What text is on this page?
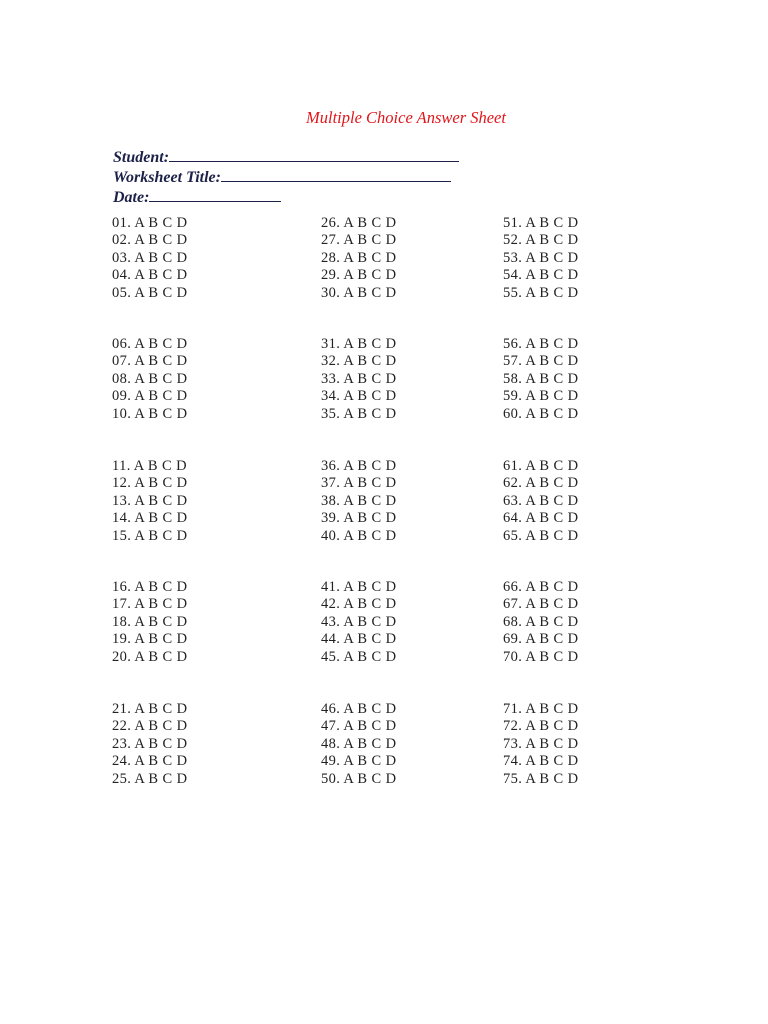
Multiple Choice Answer Sheet
Student:
Worksheet Title:
Date:
01. A B C D
02. A B C D
03. A B C D
04. A B C D
05. A B C D
06. A B C D
07. A B C D
08. A B C D
09. A B C D
10. A B C D
11. A B C D
12. A B C D
13. A B C D
14. A B C D
15. A B C D
16. A B C D
17. A B C D
18. A B C D
19. A B C D
20. A B C D
21. A B C D
22. A B C D
23. A B C D
24. A B C D
25. A B C D
26. A B C D
27. A B C D
28. A B C D
29. A B C D
30. A B C D
31. A B C D
32. A B C D
33. A B C D
34. A B C D
35. A B C D
36. A B C D
37. A B C D
38. A B C D
39. A B C D
40. A B C D
41. A B C D
42. A B C D
43. A B C D
44. A B C D
45. A B C D
46. A B C D
47. A B C D
48. A B C D
49. A B C D
50. A B C D
51. A B C D
52. A B C D
53. A B C D
54. A B C D
55. A B C D
56. A B C D
57. A B C D
58. A B C D
59. A B C D
60. A B C D
61. A B C D
62. A B C D
63. A B C D
64. A B C D
65. A B C D
66. A B C D
67. A B C D
68. A B C D
69. A B C D
70. A B C D
71. A B C D
72. A B C D
73. A B C D
74. A B C D
75. A B C D
